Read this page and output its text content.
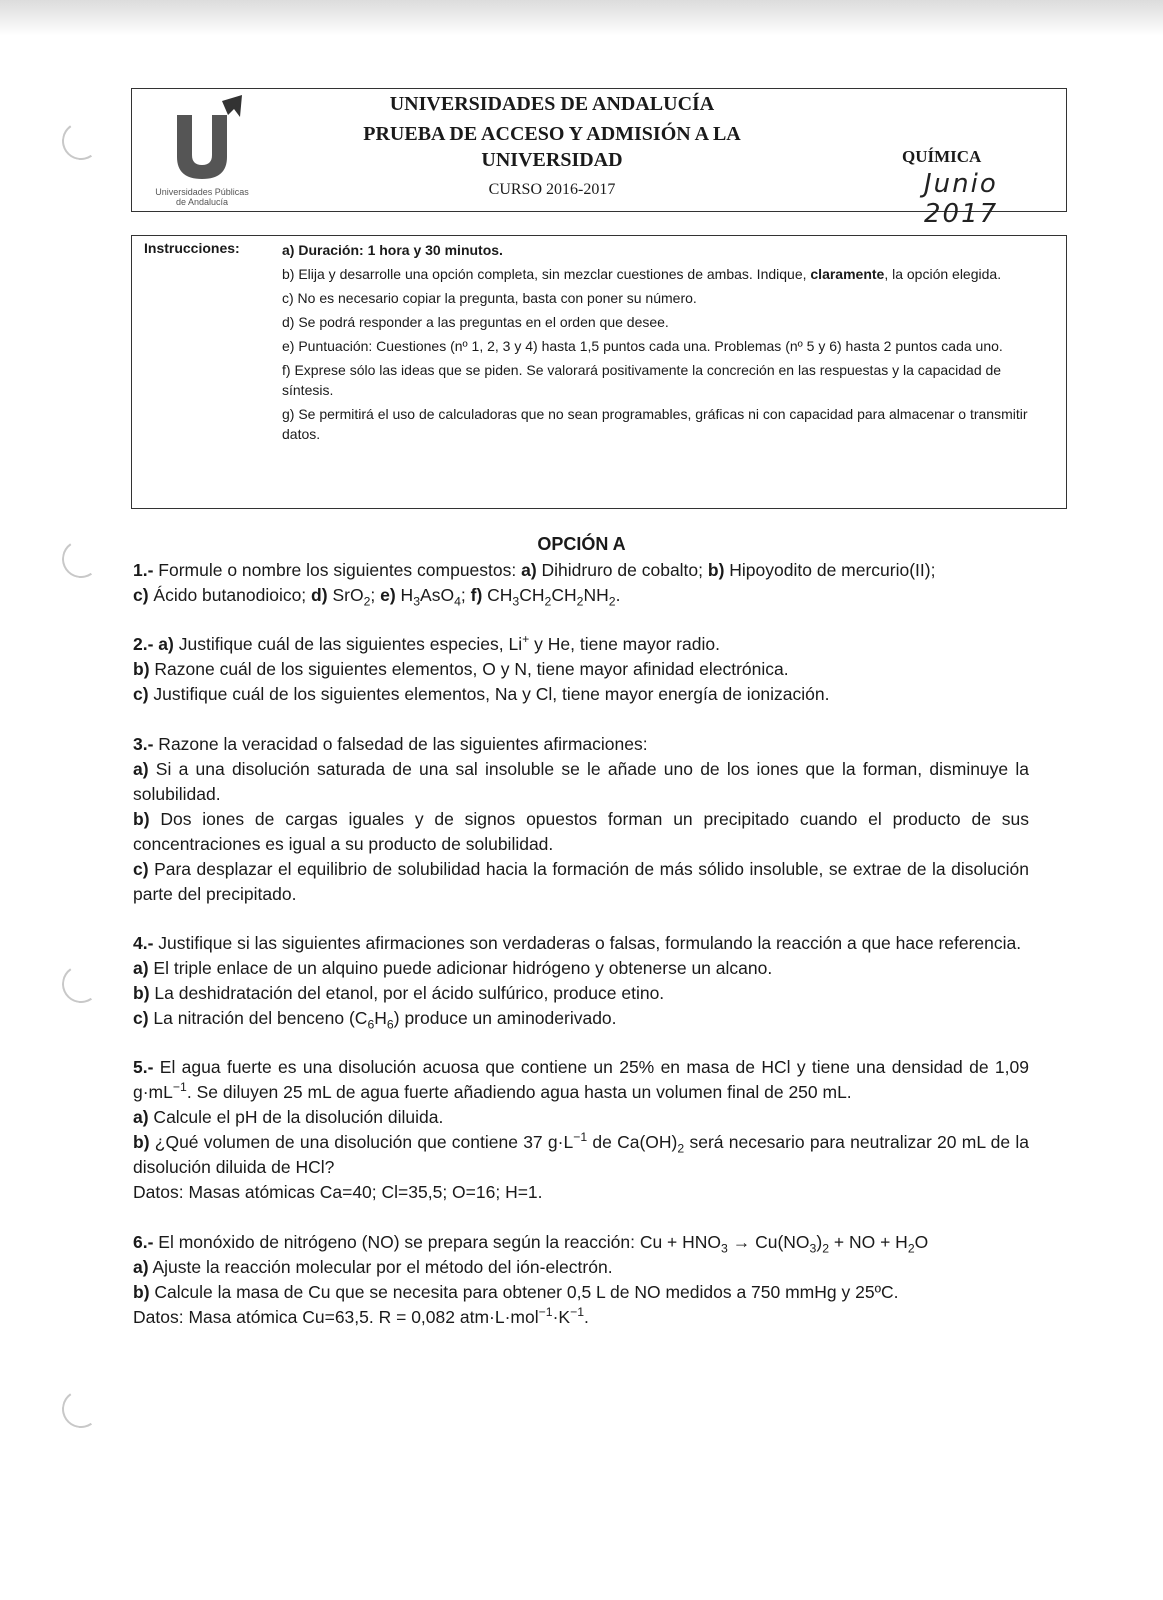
Universidades Públicas
de Andalucía
UNIVERSIDADES DE ANDALUCÍA
PRUEBA DE ACCESO Y ADMISIÓN A LA
UNIVERSIDAD
CURSO 2016-2017
QUÍMICA
Junio 2017
Instrucciones:	a) Duración: 1 hora y 30 minutos.

b) Elija y desarrolle una opción completa, sin mezclar cuestiones de ambas. Indique, claramente, la opción elegida.

c) No es necesario copiar la pregunta, basta con poner su número.

d) Se podrá responder a las preguntas en el orden que desee.

e) Puntuación: Cuestiones (nº 1, 2, 3 y 4) hasta 1,5 puntos cada una. Problemas (nº 5 y 6) hasta 2 puntos cada uno.

f) Exprese sólo las ideas que se piden. Se valorará positivamente la concreción en las respuestas y la capacidad de síntesis.

g) Se permitirá el uso de calculadoras que no sean programables, gráficas ni con capacidad para almacenar o transmitir datos.

OPCIÓN A

1.- Formule o nombre los siguientes compuestos: a) Dihidruro de cobalto; b) Hipoyodito de mercurio(II);

c) Ácido butanodioico; d) SrO$_2$; e) $H_3AsO_4$; f) $CH_3CH_2CH_2NH_2$.

2.- a) Justifique cuál de las siguientes especies, Li+ y He, tiene mayor radio.

b) Razone cuál de los siguientes elementos, O y N, tiene mayor afinidad electrónica.

c) Justifique cuál de los siguientes elementos, Na y Cl, tiene mayor energía de ionización.

3.- Razone la veracidad o falsedad de las siguientes afirmaciones:

a) Si a una disolución saturada de una sal insoluble se le añade uno de los iones que la forman, disminuye la solubilidad.

b) Dos iones de cargas iguales y de signos opuestos forman un precipitado cuando el producto de sus concentraciones es igual a su producto de solubilidad.

c) Para desplazar el equilibrio de solubilidad hacia la formación de más sólido insoluble, se extrae de la disolución parte del precipitado.

4.- Justifique si las siguientes afirmaciones son verdaderas o falsas, formulando la reacción a que hace referencia.

a) El triple enlace de un alquino puede adicionar hidrógeno y obtenerse un alcano.

b) La deshidratación del etanol, por el ácido sulfúrico, produce etino.

c) La nitración del benceno $(C_6H_6)$ produce un aminoderivado.

5.- El agua fuerte es una disolución acuosa que contiene un 25% en masa de HCl y tiene una densidad de 1,09 $g\cdot mL^{-1}$. Se diluyen 25 mL de agua fuerte añadiendo agua hasta un volumen final de 250 mL.

a) Calcule el pH de la disolución diluida.

b) ¿Qué volumen de una disolución que contiene 37 $g\cdot L^{-1}$ de $Ca(OH)_2$ será necesario para neutralizar 20 mL de la disolución diluida de HCl?

Datos: Masas atómicas Ca=40; Cl=35,5; O=16; H=1.

6.- El monóxido de nitrógeno (NO) se prepara según la reacción: $Cu + HNO_3 \to Cu(NO_3)_2$ + NO + $H_2O$

a) Ajuste la reacción molecular por el método del ión-electrón.

b) Calcule la masa de Cu que se necesita para obtener 0,5 L de NO medidos a 750 mmHg y 25ºC.

Datos: Masa atómica Cu=63,5. R = 0,082 $atm\cdot L\cdot mol^{-1}\cdot K^{-1}$.
